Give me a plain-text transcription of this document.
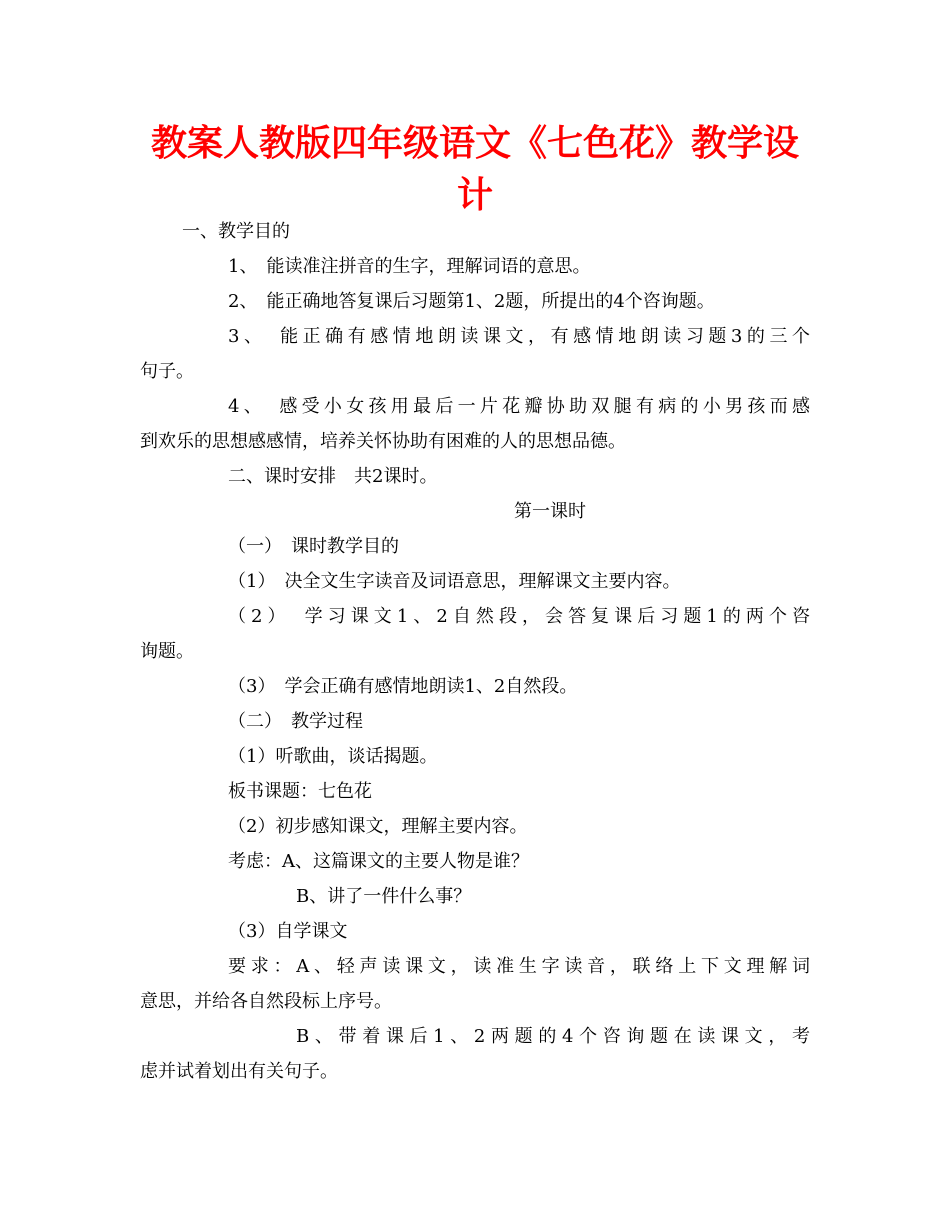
教案人教版四年级语文《七色花》教学设计

一、教学目的

1、　能读准注拼音的生字，理解词语的意思。

2、　能正确地答复课后习题第1、2题，所提出的4个咨询题。

3、　能正确有感情地朗读课文，有感情地朗读习题3的三个

句子。

4、　感受小女孩用最后一片花瓣协助双腿有病的小男孩而感

到欢乐的思想感感情，培养关怀协助有困难的人的思想品德。

二、课时安排　共2课时。

第一课时

（一）　课时教学目的

（1）　决全文生字读音及词语意思，理解课文主要内容。

（2）　学习课文1、2自然段，会答复课后习题1的两个咨

询题。

（3）　学会正确有感情地朗读1、2自然段。

（二）　教学过程

（1）听歌曲，谈话揭题。

板书课题：七色花

（2）初步感知课文，理解主要内容。

考虑：A、这篇课文的主要人物是谁？

B、讲了一件什么事？

（3）自学课文

要求：A、轻声读课文，读准生字读音，联络上下文理解词

意思，并给各自然段标上序号。

B、带着课后1、2两题的4个咨询题在读课文，考

虑并试着划出有关句子。
